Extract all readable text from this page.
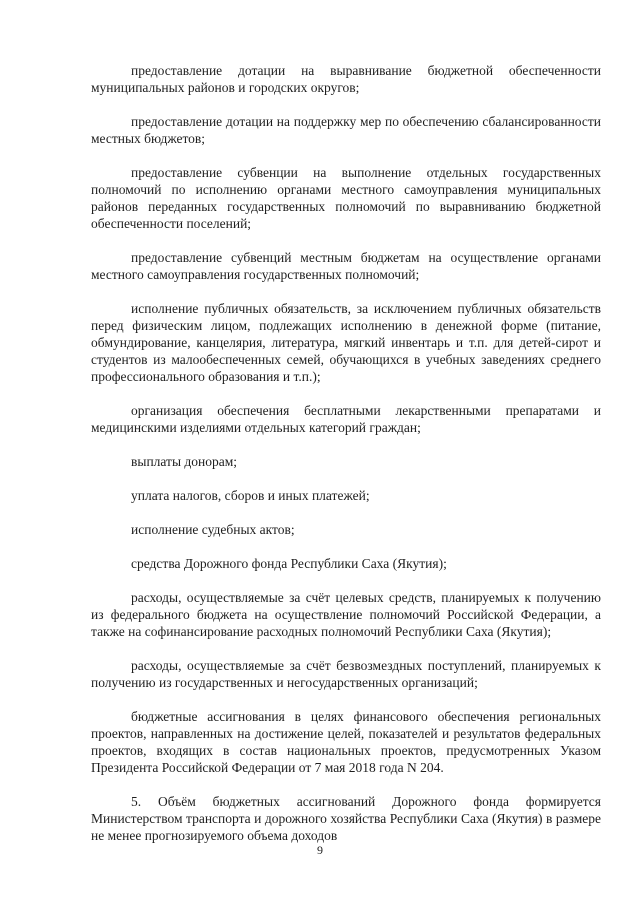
предоставление дотации на выравнивание бюджетной обеспеченности муниципальных районов и городских округов;

предоставление дотации на поддержку мер по обеспечению сбалансированности местных бюджетов;

предоставление субвенции на выполнение отдельных государственных полномочий по исполнению органами местного самоуправления муниципальных районов переданных государственных полномочий по выравниванию бюджетной обеспеченности поселений;

предоставление субвенций местным бюджетам на осуществление органами местного самоуправления государственных полномочий;

исполнение публичных обязательств, за исключением публичных обязательств перед физическим лицом, подлежащих исполнению в денежной форме (питание, обмундирование, канцелярия, литература, мягкий инвентарь и т.п. для детей-сирот и студентов из малообеспеченных семей, обучающихся в учебных заведениях среднего профессионального образования и т.п.);

организация обеспечения бесплатными лекарственными препаратами и медицинскими изделиями отдельных категорий граждан;

выплаты донорам;

уплата налогов, сборов и иных платежей;

исполнение судебных актов;

средства Дорожного фонда Республики Саха (Якутия);

расходы, осуществляемые за счёт целевых средств, планируемых к получению из федерального бюджета на осуществление полномочий Российской Федерации, а также на софинансирование расходных полномочий Республики Саха (Якутия);

расходы, осуществляемые за счёт безвозмездных поступлений, планируемых к получению из государственных и негосударственных организаций;

бюджетные ассигнования в целях финансового обеспечения региональных проектов, направленных на достижение целей, показателей и результатов федеральных проектов, входящих в состав национальных проектов, предусмотренных Указом Президента Российской Федерации от 7 мая 2018 года N 204.

5. Объём бюджетных ассигнований Дорожного фонда формируется Министерством транспорта и дорожного хозяйства Республики Саха (Якутия) в размере не менее прогнозируемого объема доходов

9
